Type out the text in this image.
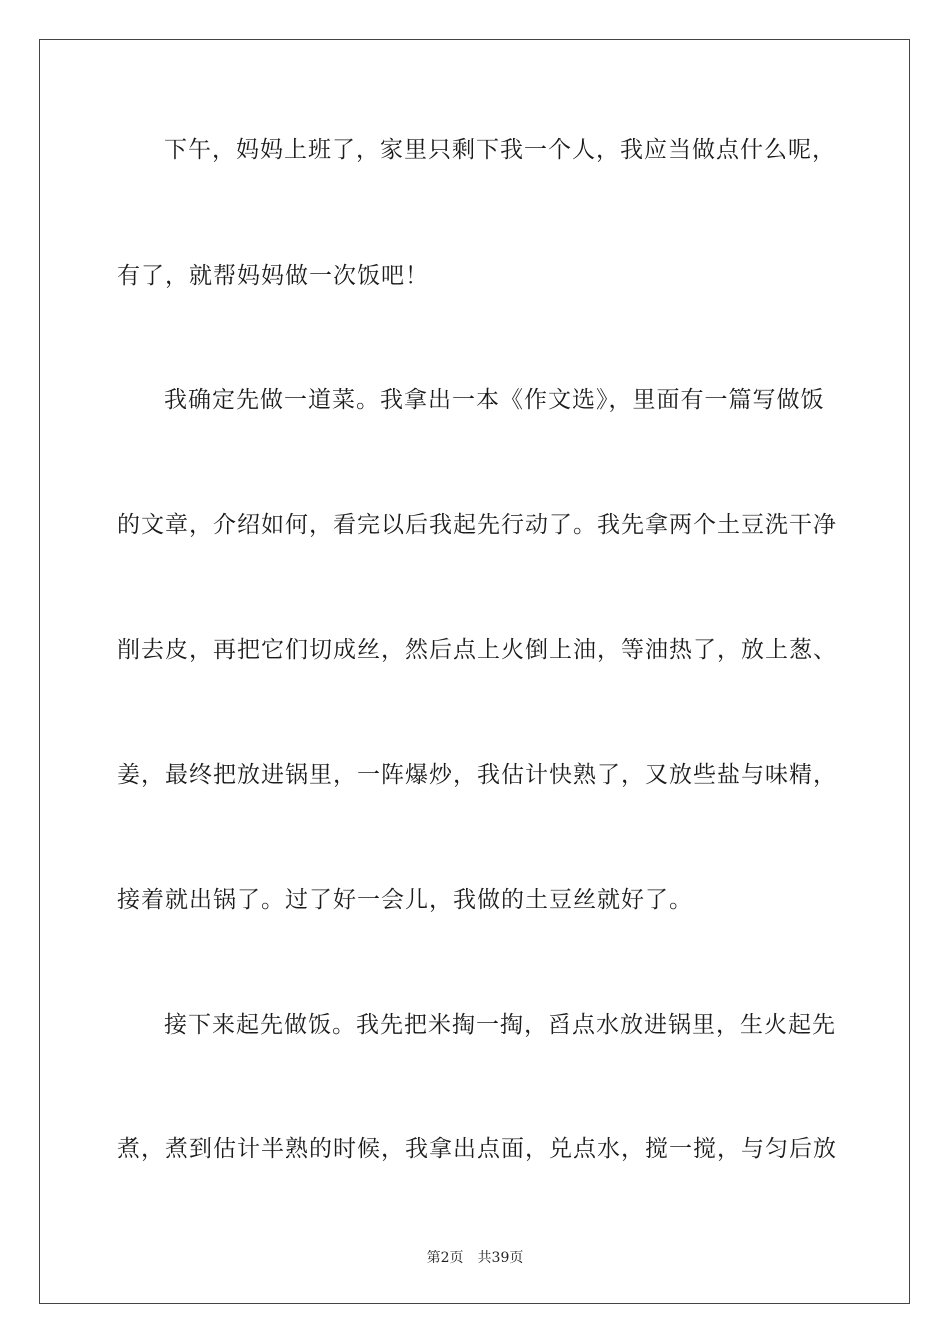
下午，妈妈上班了，家里只剩下我一个人，我应当做点什么呢，
有了，就帮妈妈做一次饭吧！
我确定先做一道菜。我拿出一本《作文选》，里面有一篇写做饭
的文章，介绍如何，看完以后我起先行动了。我先拿两个土豆洗干净
削去皮，再把它们切成丝，然后点上火倒上油，等油热了，放上葱、
姜，最终把放进锅里，一阵爆炒，我估计快熟了，又放些盐与味精，
接着就出锅了。过了好一会儿，我做的土豆丝就好了。
接下来起先做饭。我先把米掏一掏，舀点水放进锅里，生火起先
煮，煮到估计半熟的时候，我拿出点面，兑点水，搅一搅，与匀后放
第2页 共39页
